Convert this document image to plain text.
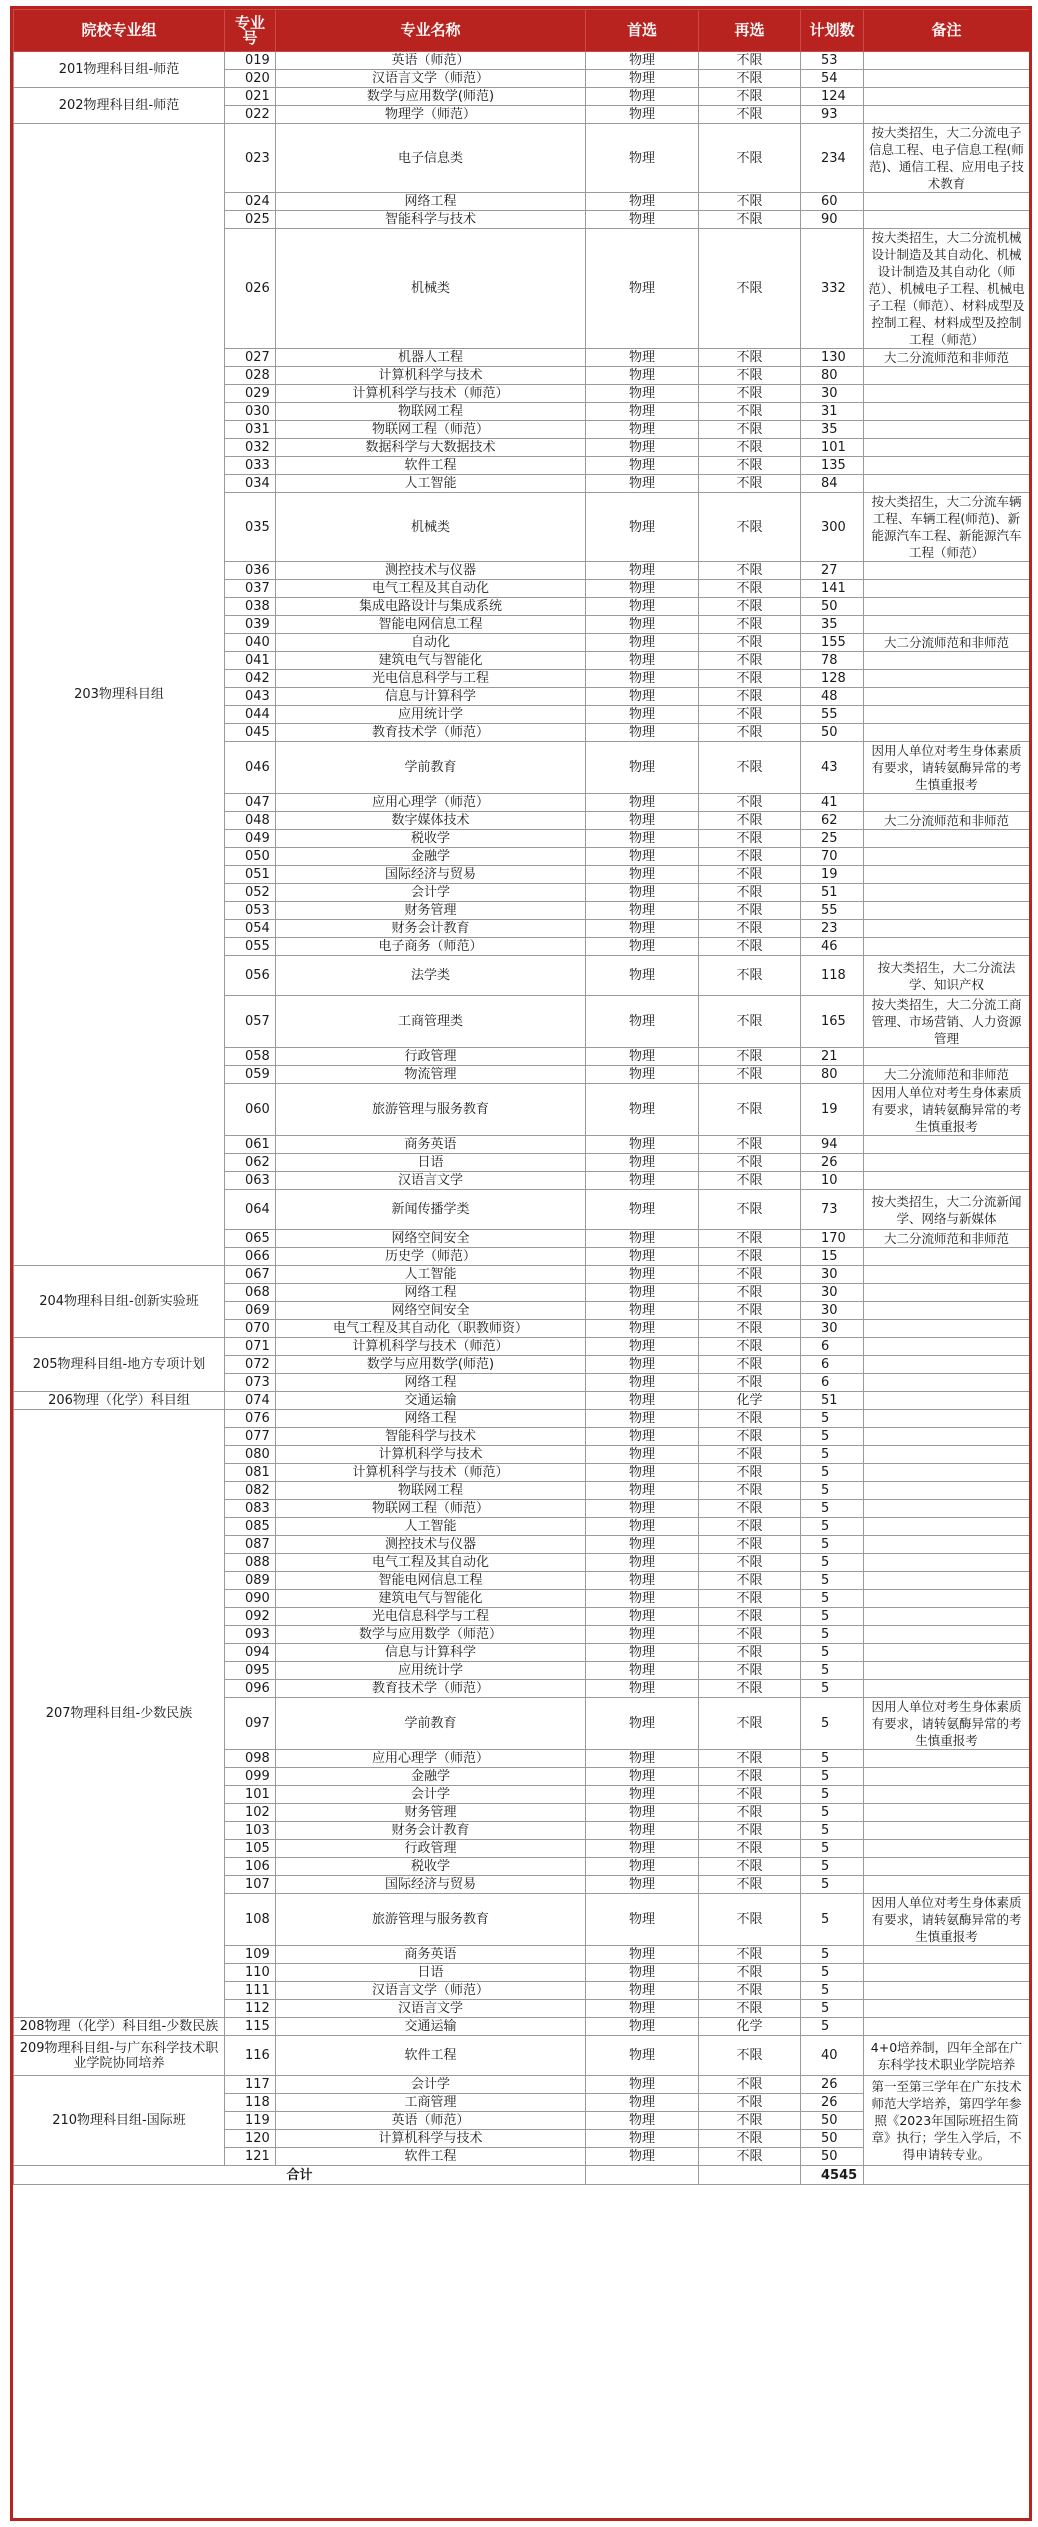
院校专业组	专业号	专业名称	首选	再选	计划数	备注
201物理科目组-师范	019	英语（师范）	物理	不限	53	
	020	汉语言文学（师范）	物理	不限	54	
202物理科目组-师范	021	数学与应用数学(师范)	物理	不限	124	
	022	物理学（师范）	物理	不限	93	
203物理科目组	023	电子信息类	物理	不限	234	按大类招生，大二分流电子信息工程、电子信息工程(师范)、通信工程、应用电子技术教育
	024	网络工程	物理	不限	60	
	025	智能科学与技术	物理	不限	90	
	026	机械类	物理	不限	332	按大类招生，大二分流机械设计制造及其自动化、机械设计制造及其自动化（师范）、机械电子工程、机械电子工程（师范）、材料成型及控制工程、材料成型及控制工程（师范）
	027	机器人工程	物理	不限	130	大二分流师范和非师范
	028	计算机科学与技术	物理	不限	80	
	029	计算机科学与技术（师范）	物理	不限	30	
	030	物联网工程	物理	不限	31	
	031	物联网工程（师范）	物理	不限	35	
	032	数据科学与大数据技术	物理	不限	101	
	033	软件工程	物理	不限	135	
	034	人工智能	物理	不限	84	
	035	机械类	物理	不限	300	按大类招生，大二分流车辆工程、车辆工程(师范)、新能源汽车工程、新能源汽车工程（师范）
	036	测控技术与仪器	物理	不限	27	
	037	电气工程及其自动化	物理	不限	141	
	038	集成电路设计与集成系统	物理	不限	50	
	039	智能电网信息工程	物理	不限	35	
	040	自动化	物理	不限	155	大二分流师范和非师范
	041	建筑电气与智能化	物理	不限	78	
	042	光电信息科学与工程	物理	不限	128	
	043	信息与计算科学	物理	不限	48	
	044	应用统计学	物理	不限	55	
	045	教育技术学（师范）	物理	不限	50	
	046	学前教育	物理	不限	43	因用人单位对考生身体素质有要求，请转氨酶异常的考生慎重报考
	047	应用心理学（师范）	物理	不限	41	
	048	数字媒体技术	物理	不限	62	大二分流师范和非师范
	049	税收学	物理	不限	25	
	050	金融学	物理	不限	70	
	051	国际经济与贸易	物理	不限	19	
	052	会计学	物理	不限	51	
	053	财务管理	物理	不限	55	
	054	财务会计教育	物理	不限	23	
	055	电子商务（师范）	物理	不限	46	
	056	法学类	物理	不限	118	按大类招生，大二分流法学、知识产权
	057	工商管理类	物理	不限	165	按大类招生，大二分流工商管理、市场营销、人力资源管理
	058	行政管理	物理	不限	21	
	059	物流管理	物理	不限	80	大二分流师范和非师范
	060	旅游管理与服务教育	物理	不限	19	因用人单位对考生身体素质有要求，请转氨酶异常的考生慎重报考
	061	商务英语	物理	不限	94	
	062	日语	物理	不限	26	
	063	汉语言文学	物理	不限	10	
	064	新闻传播学类	物理	不限	73	按大类招生，大二分流新闻学、网络与新媒体
	065	网络空间安全	物理	不限	170	大二分流师范和非师范
	066	历史学（师范）	物理	不限	15	
204物理科目组-创新实验班	067	人工智能	物理	不限	30	
	068	网络工程	物理	不限	30	
	069	网络空间安全	物理	不限	30	
	070	电气工程及其自动化（职教师资）	物理	不限	30	
205物理科目组-地方专项计划	071	计算机科学与技术（师范）	物理	不限	6	
	072	数学与应用数学(师范)	物理	不限	6	
	073	网络工程	物理	不限	6	
206物理（化学）科目组	074	交通运输	物理	化学	51	
207物理科目组-少数民族	076	网络工程	物理	不限	5	
	077	智能科学与技术	物理	不限	5	
	080	计算机科学与技术	物理	不限	5	
	081	计算机科学与技术（师范）	物理	不限	5	
	082	物联网工程	物理	不限	5	
	083	物联网工程（师范）	物理	不限	5	
	085	人工智能	物理	不限	5	
	087	测控技术与仪器	物理	不限	5	
	088	电气工程及其自动化	物理	不限	5	
	089	智能电网信息工程	物理	不限	5	
	090	建筑电气与智能化	物理	不限	5	
	092	光电信息科学与工程	物理	不限	5	
	093	数学与应用数学（师范）	物理	不限	5	
	094	信息与计算科学	物理	不限	5	
	095	应用统计学	物理	不限	5	
	096	教育技术学（师范）	物理	不限	5	
	097	学前教育	物理	不限	5	因用人单位对考生身体素质有要求，请转氨酶异常的考生慎重报考
	098	应用心理学（师范）	物理	不限	5	
	099	金融学	物理	不限	5	
	101	会计学	物理	不限	5	
	102	财务管理	物理	不限	5	
	103	财务会计教育	物理	不限	5	
	105	行政管理	物理	不限	5	
	106	税收学	物理	不限	5	
	107	国际经济与贸易	物理	不限	5	
	108	旅游管理与服务教育	物理	不限	5	因用人单位对考生身体素质有要求，请转氨酶异常的考生慎重报考
	109	商务英语	物理	不限	5	
	110	日语	物理	不限	5	
	111	汉语言文学（师范）	物理	不限	5	
	112	汉语言文学	物理	不限	5	
208物理（化学）科目组-少数民族	115	交通运输	物理	化学	5	
209物理科目组-与广东科学技术职业学院协同培养	116	软件工程	物理	不限	40	4+0培养制，四年全部在广东科学技术职业学院培养
210物理科目组-国际班	117	会计学	物理	不限	26	第一至第三学年在广东技术师范大学培养，第四学年参照《2023年国际班招生简章》执行；学生入学后，不得申请转专业。
	118	工商管理	物理	不限	26	
	119	英语（师范）	物理	不限	50	
	120	计算机科学与技术	物理	不限	50	
	121	软件工程	物理	不限	50	
合计					4545	
